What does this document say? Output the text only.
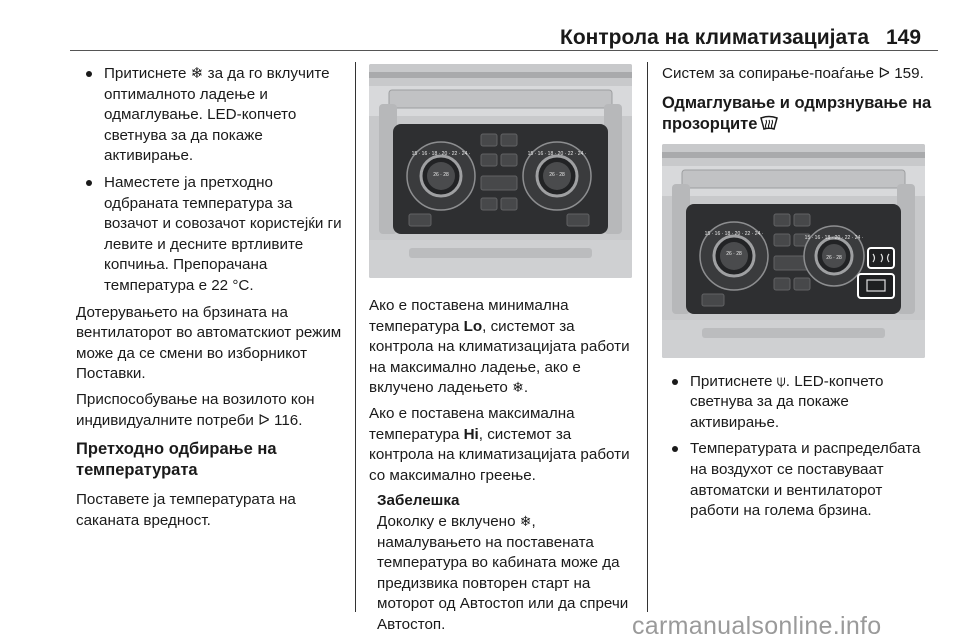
Контрола на климатизацијата 149
Притиснете ❄︎ за да го вклучите оптималното ладење и одмаглување. LED-копчето светнува за да покаже активирање.
Наместете ја претходно одбраната температура за возачот и совозачот користејќи ги левите и десните вртливите копчиња. Препорачана температура е 22 °C.

Дотерувањето на брзината на вентилаторот во автоматскиот режим може да се смени во изборникот Поставки.

Приспособување на возилото кон индивидуалните потреби ᐅ 116.

Претходно одбирање на температурата

Поставете ја температурата на саканата вредност.

15 · 16 · 18 · 20 · 22 · 24 · 26 · 28
15 · 16 · 18 · 20 · 22 · 24 · 26 · 28

Ако е поставена минимална температура Lo, системот за контрола на климатизацијата работи на максимално ладење, ако е вклучено ладењето ❄︎.

Ако е поставена максимална температура Hi, системот за контрола на климатизацијата работи со максимално греење.

Забелешка
Доколку е вклучено ❄︎, намалувањето на поставената температура во кабината може да предизвика повторен старт на моторот од Автостоп или да спречи Автостоп.

Систем за сопирање-поаѓање ᐅ 159.

Одмаглување и одмрзнување на прозорците
15 · 16 · 18 · 20 · 22 · 24 · 26 · 28
15 · 16 · 18 · 20 · 22 · 24 · 26 · 28
Притиснете ⍦. LED-копчето светнува за да покаже активирање.
Температурата и распределбата на воздухот се поставуваат автоматски и вентилаторот работи на голема брзина.
carmanualsonline.info
